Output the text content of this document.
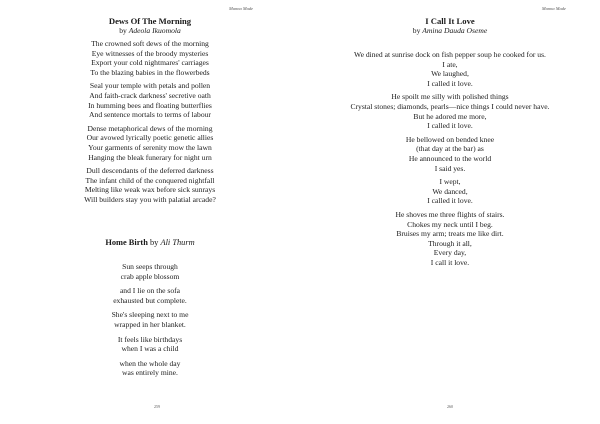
Manna Made
Dews Of The Morning
by Adeola Ikuomola
The crowned soft dews of the morning
Eye witnesses of the broody mysteries
Export your cold nightmares' carriages
To the blazing babies in the flowerbeds
Seal your temple with petals and pollen
And faith-crack darkness' secretive oath
In humming bees and floating butterflies
And sentence mortals to terms of labour
Dense metaphorical dews of the morning
Our avowed lyrically poetic genetic allies
Your garments of serenity mow the lawn
Hanging the bleak funerary for night urn
Dull descendants of the deferred darkness
The infant child of the conquered nightfall
Melting like weak wax before sick sunrays
Will builders stay you with palatial arcade?
Home Birth by Ali Thurm
Sun seeps through
crab apple blossom
and I lie on the sofa
exhausted but complete.
She's sleeping next to me
wrapped in her blanket.
It feels like birthdays
when I was a child
when the whole day
was entirely mine.
259
Manna Made
I Call It Love
by Amina Dauda Oseme
We dined at sunrise dock on fish pepper soup he cooked for us.
I ate,
We laughed,
I called it love.
He spoilt me silly with polished things
Crystal stones; diamonds, pearls—nice things I could never have.
But he adored me more,
I called it love.
He bellowed on bended knee
(that day at the bar) as
He announced to the world
I said yes.
I wept,
We danced,
I called it love.
He shoves me three flights of stairs.
Chokes my neck until I beg.
Bruises my arm; treats me like dirt.
Through it all,
Every day,
I call it love.
260
